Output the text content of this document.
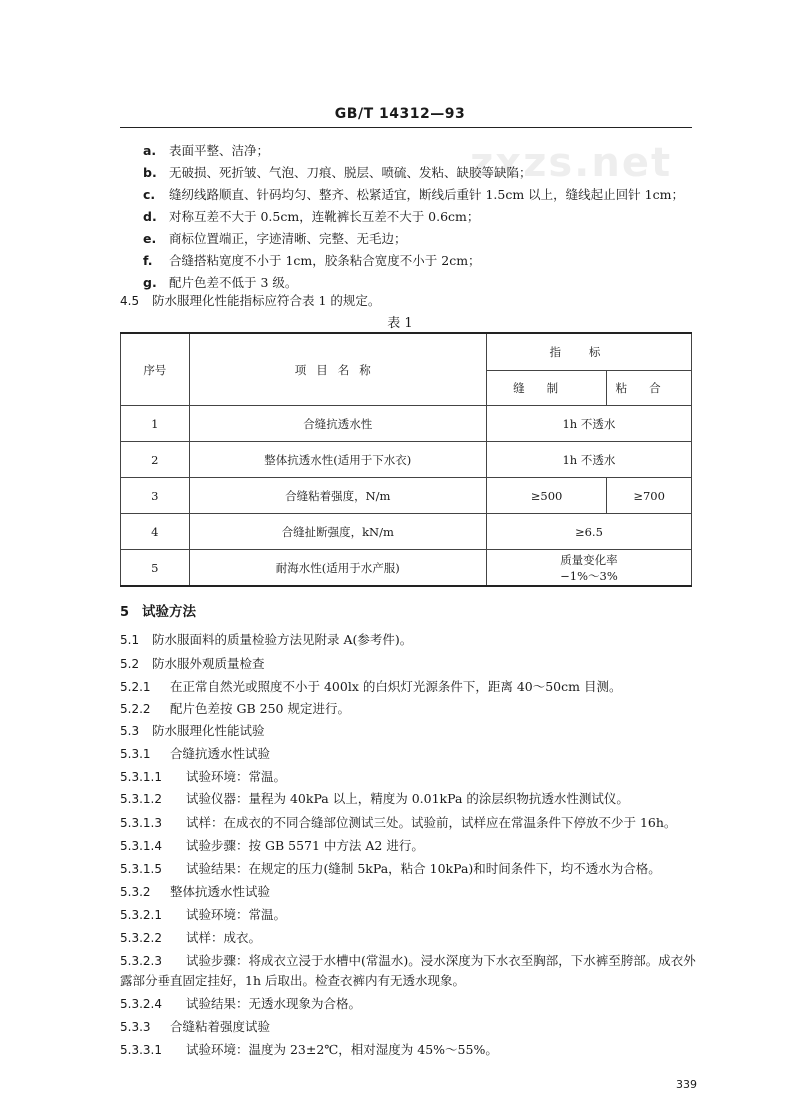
zxzs.net
GB/T 14312—93
a. 表面平整、洁净；
b. 无破损、死折皱、气泡、刀痕、脱层、喷硫、发粘、缺胶等缺陷；
c. 缝纫线路顺直、针码均匀、整齐、松紧适宜，断线后重针 1.5cm 以上，缝线起止回针 1cm；
d. 对称互差不大于 0.5cm，连靴裤长互差不大于 0.6cm；
e. 商标位置端正，字迹清晰、完整、无毛边；
f. 合缝搭粘宽度不小于 1cm，胶条粘合宽度不小于 2cm；
g. 配片色差不低于 3 级。
4.5 防水服理化性能指标应符合表 1 的规定。
表 1
序号	项目名称	指标	
		缝制	粘合
1	合缝抗透水性	1h 不透水	
2	整体抗透水性(适用于下水衣)	1h 不透水	
3	合缝粘着强度，N/m	≥500	≥700
4	合缝扯断强度，kN/m	≥6.5	
5	耐海水性(适用于水产服)	质量变化率
−1%～3%	
5 试验方法
5.1 防水服面料的质量检验方法见附录 A(参考件)。
5.2 防水服外观质量检查
5.2.1 在正常自然光或照度不小于 400lx 的白炽灯光源条件下，距离 40～50cm 目测。
5.2.2 配片色差按 GB 250 规定进行。
5.3 防水服理化性能试验
5.3.1 合缝抗透水性试验
5.3.1.1 试验环境：常温。
5.3.1.2 试验仪器：量程为 40kPa 以上，精度为 0.01kPa 的涂层织物抗透水性测试仪。
5.3.1.3 试样：在成衣的不同合缝部位测试三处。试验前，试样应在常温条件下停放不少于 16h。
5.3.1.4 试验步骤：按 GB 5571 中方法 A2 进行。
5.3.1.5 试验结果：在规定的压力(缝制 5kPa，粘合 10kPa)和时间条件下，均不透水为合格。
5.3.2 整体抗透水性试验
5.3.2.1 试验环境：常温。
5.3.2.2 试样：成衣。
5.3.2.3 试验步骤：将成衣立浸于水槽中(常温水)。浸水深度为下水衣至胸部，下水裤至胯部。成衣外
露部分垂直固定挂好，1h 后取出。检查衣裤内有无透水现象。
5.3.2.4 试验结果：无透水现象为合格。
5.3.3 合缝粘着强度试验
5.3.3.1 试验环境：温度为 23±2℃，相对湿度为 45%～55%。
339
